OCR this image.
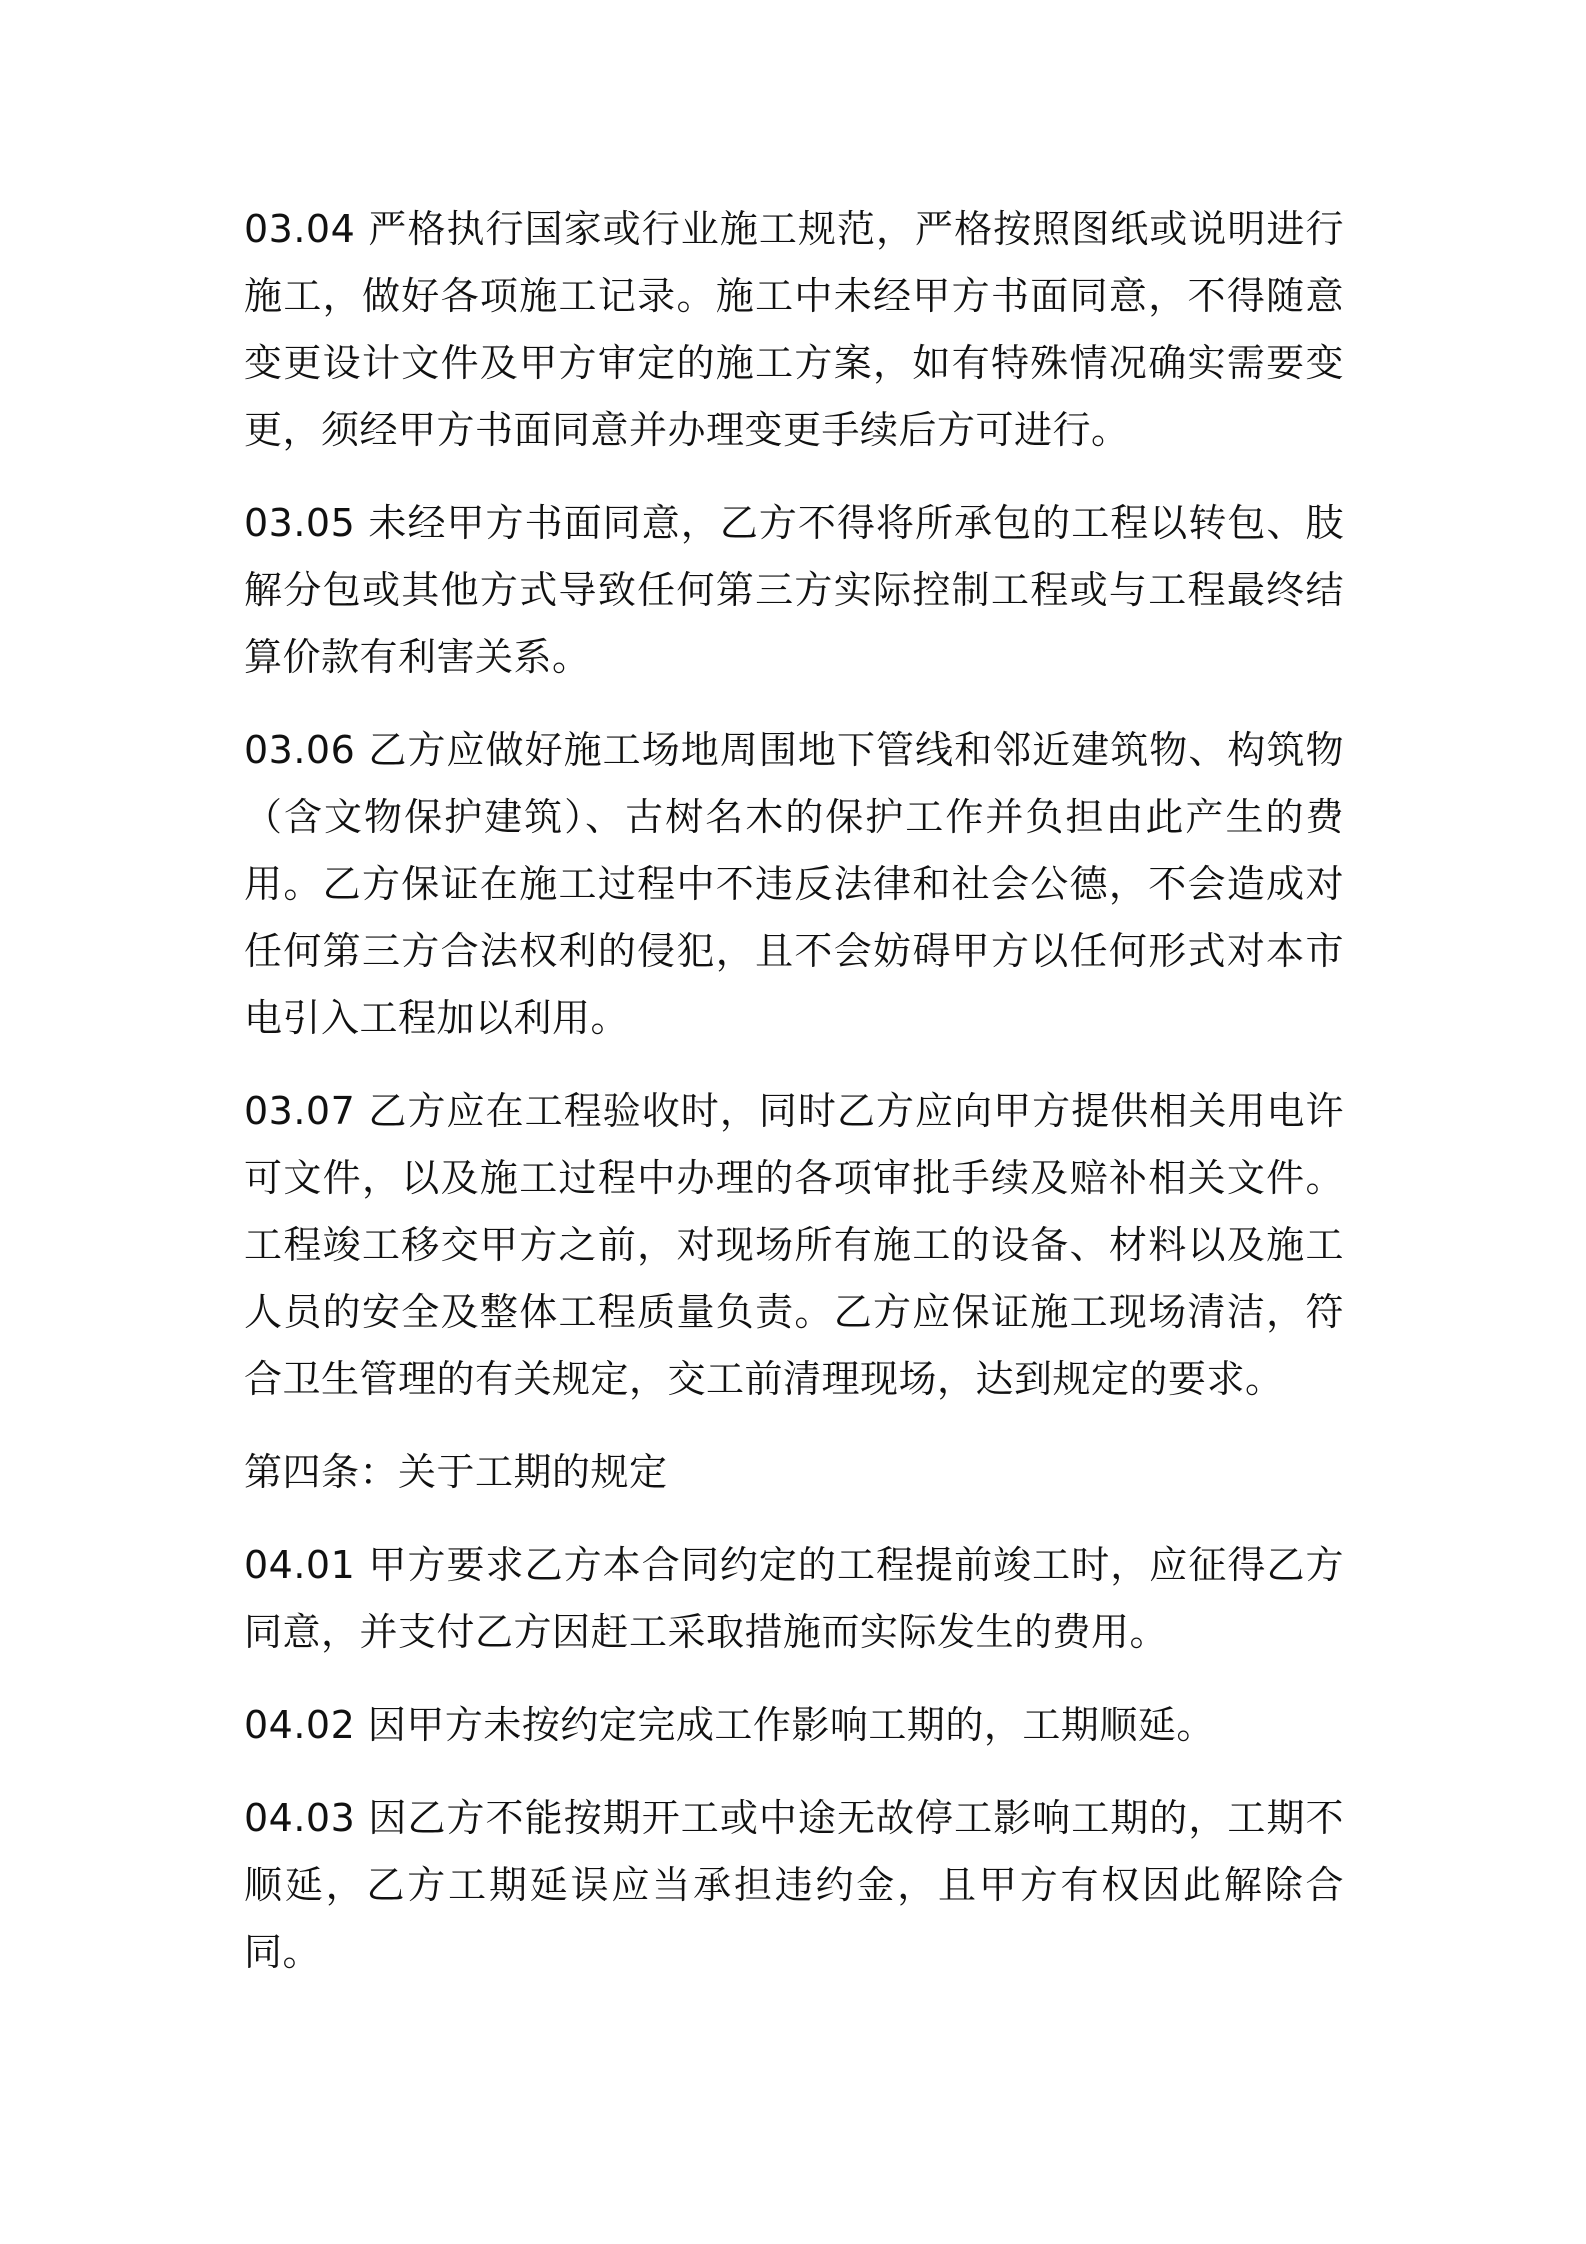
03.04 严格执行国家或行业施工规范，严格按照图纸或说明进行施工，做好各项施工记录。施工中未经甲方书面同意，不得随意变更设计文件及甲方审定的施工方案，如有特殊情况确实需要变更，须经甲方书面同意并办理变更手续后方可进行。

03.05 未经甲方书面同意，乙方不得将所承包的工程以转包、肢解分包或其他方式导致任何第三方实际控制工程或与工程最终结算价款有利害关系。

03.06 乙方应做好施工场地周围地下管线和邻近建筑物、构筑物（含文物保护建筑）、古树名木的保护工作并负担由此产生的费用。乙方保证在施工过程中不违反法律和社会公德，不会造成对任何第三方合法权利的侵犯，且不会妨碍甲方以任何形式对本市电引入工程加以利用。

03.07 乙方应在工程验收时，同时乙方应向甲方提供相关用电许可文件，以及施工过程中办理的各项审批手续及赔补相关文件。工程竣工移交甲方之前，对现场所有施工的设备、材料以及施工人员的安全及整体工程质量负责。乙方应保证施工现场清洁，符合卫生管理的有关规定，交工前清理现场，达到规定的要求。

第四条：关于工期的规定

04.01 甲方要求乙方本合同约定的工程提前竣工时，应征得乙方同意，并支付乙方因赶工采取措施而实际发生的费用。

04.02 因甲方未按约定完成工作影响工期的，工期顺延。

04.03 因乙方不能按期开工或中途无故停工影响工期的，工期不顺延，乙方工期延误应当承担违约金，且甲方有权因此解除合同。
